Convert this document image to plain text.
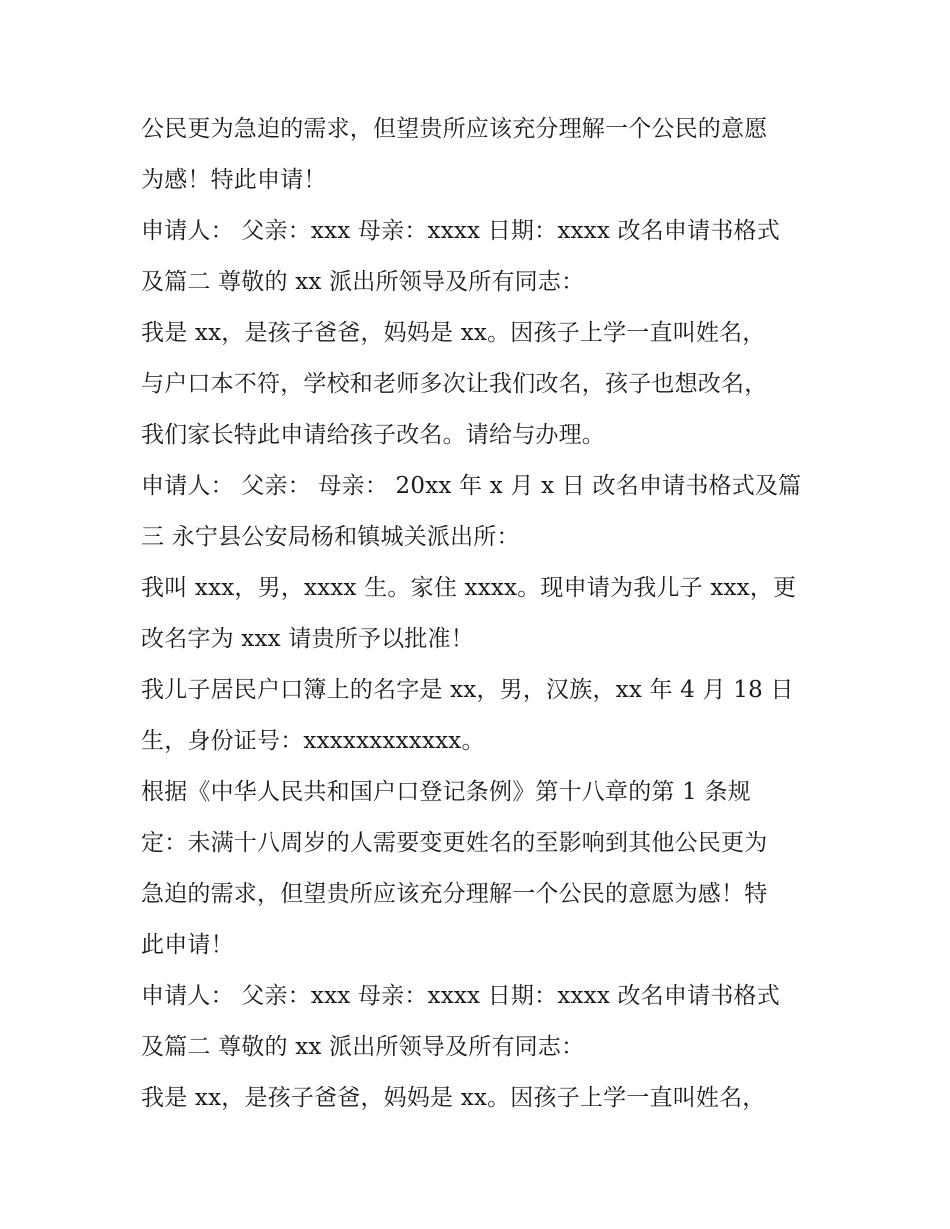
公民更为急迫的需求，但望贵所应该充分理解一个公民的意愿
为感！特此申请！
申请人： 父亲：xxx 母亲：xxxx 日期：xxxx 改名申请书格式
及篇二 尊敬的 xx 派出所领导及所有同志：
我是 xx，是孩子爸爸，妈妈是 xx。因孩子上学一直叫姓名，
与户口本不符，学校和老师多次让我们改名，孩子也想改名，
我们家长特此申请给孩子改名。请给与办理。
申请人： 父亲： 母亲： 20xx 年 x 月 x 日 改名申请书格式及篇
三 永宁县公安局杨和镇城关派出所：
我叫 xxx，男，xxxx 生。家住 xxxx。现申请为我儿子 xxx，更
改名字为 xxx 请贵所予以批准！
我儿子居民户口簿上的名字是 xx，男，汉族，xx 年 4 月 18 日
生，身份证号：xxxxxxxxxxxx。
根据《中华人民共和国户口登记条例》第十八章的第 1 条规
定：未满十八周岁的人需要变更姓名的至影响到其他公民更为
急迫的需求，但望贵所应该充分理解一个公民的意愿为感！特
此申请！
申请人： 父亲：xxx 母亲：xxxx 日期：xxxx 改名申请书格式
及篇二 尊敬的 xx 派出所领导及所有同志：
我是 xx，是孩子爸爸，妈妈是 xx。因孩子上学一直叫姓名，
